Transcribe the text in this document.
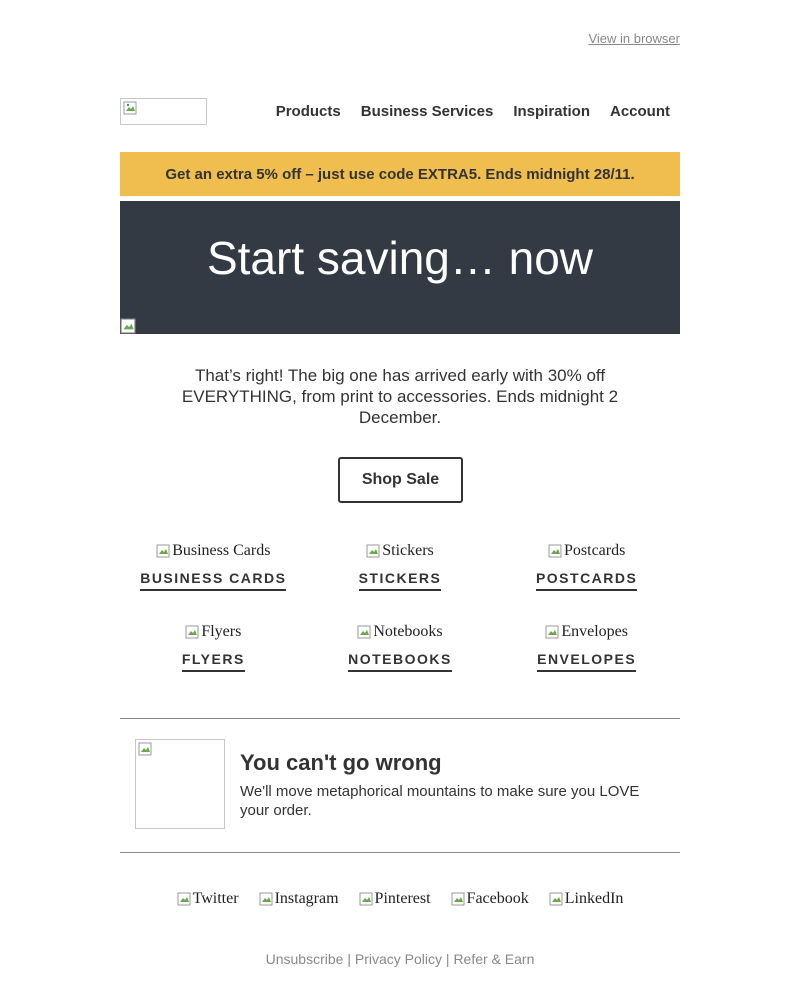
View in browser
Products Business Services Inspiration Account
Get an extra 5% off – just use code EXTRA5. Ends midnight 28/11.
Start saving… now
That’s right! The big one has arrived early with 30% off EVERYTHING, from print to accessories. Ends midnight 2 December.
Shop Sale
Business Cards
BUSINESS CARDS
Stickers
STICKERS
Postcards
POSTCARDS
Flyers
FLYERS
Notebooks
NOTEBOOKS
Envelopes
ENVELOPES
You can't go wrong
We'll move metaphorical mountains to make sure you LOVE your order.
Twitter Instagram Pinterest Facebook LinkedIn
Unsubscribe | Privacy Policy | Refer & Earn
